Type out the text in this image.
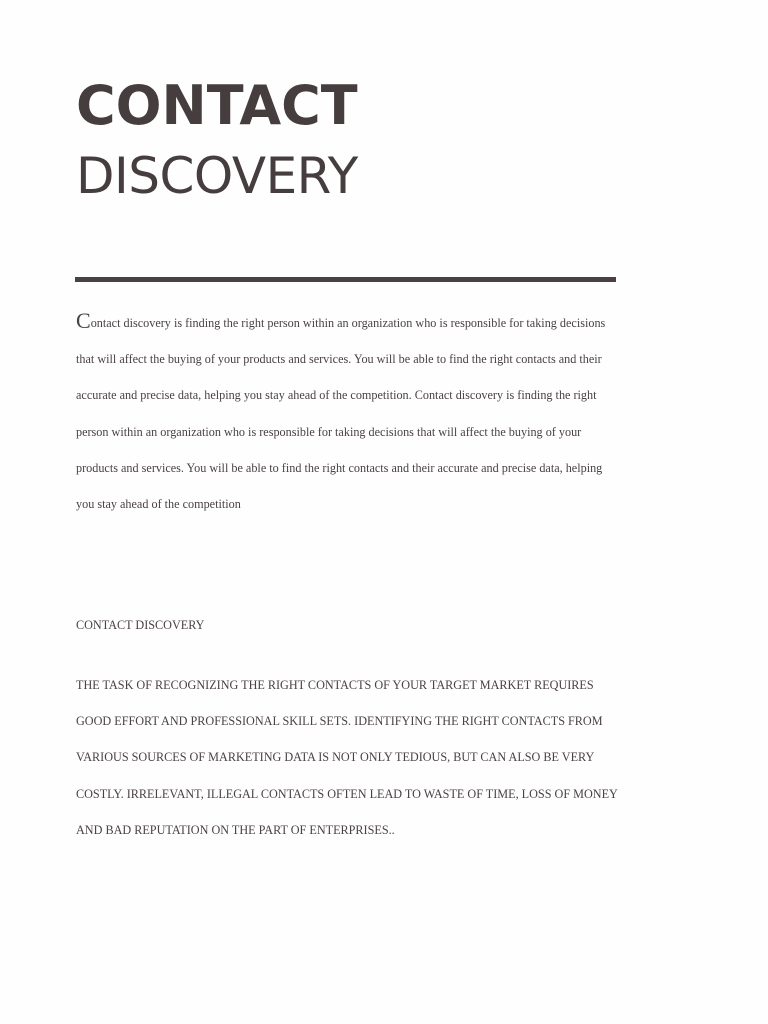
CONTACT
DISCOVERY

Contact discovery is finding the right person within an organization who is responsible for taking decisions that will affect the buying of your products and services. You will be able to find the right contacts and their accurate and precise data, helping you stay ahead of the competition. Contact discovery is finding the right person within an organization who is responsible for taking decisions that will affect the buying of your products and services. You will be able to find the right contacts and their accurate and precise data, helping you stay ahead of the competition

CONTACT DISCOVERY

THE TASK OF RECOGNIZING THE RIGHT CONTACTS OF YOUR TARGET MARKET REQUIRES GOOD EFFORT AND PROFESSIONAL SKILL SETS. IDENTIFYING THE RIGHT CONTACTS FROM VARIOUS SOURCES OF MARKETING DATA IS NOT ONLY TEDIOUS, BUT CAN ALSO BE VERY COSTLY. IRRELEVANT, ILLEGAL CONTACTS OFTEN LEAD TO WASTE OF TIME, LOSS OF MONEY AND BAD REPUTATION ON THE PART OF ENTERPRISES..
